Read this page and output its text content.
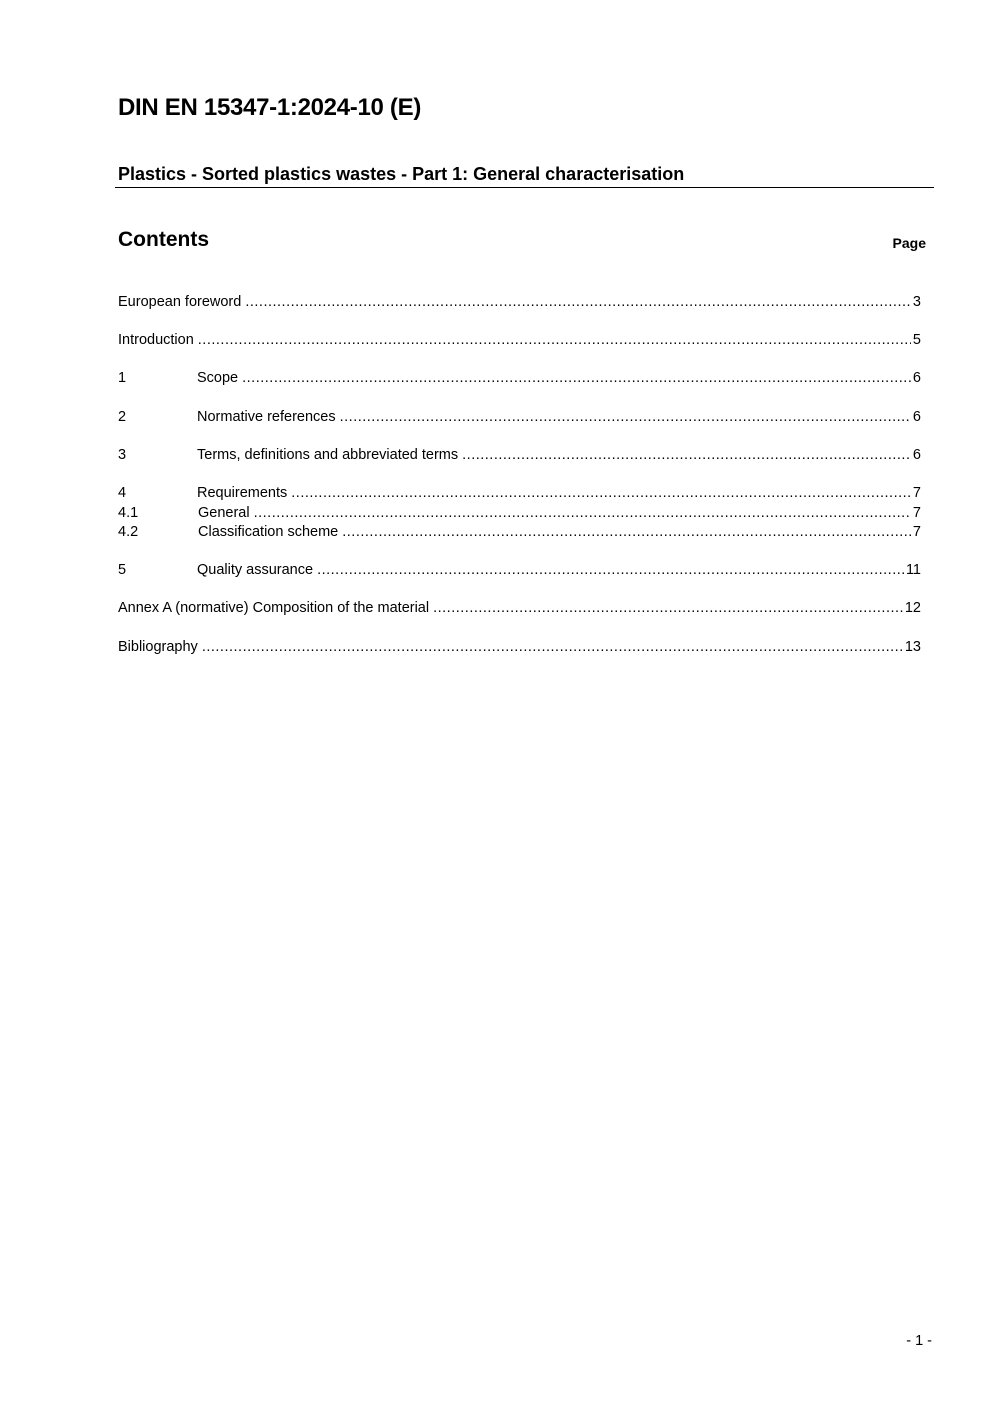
DIN EN 15347-1:2024-10 (E)
Plastics - Sorted plastics wastes - Part 1: General characterisation
Contents	Page
European foreword .....	3
Introduction .....	5
1	Scope .....	6
2	Normative references .....	6
3	Terms, definitions and abbreviated terms .....	6
4	Requirements .....	7
4.1	General .....	7
4.2	Classification scheme .....	7
5	Quality assurance .....	11
Annex A (normative) Composition of the material .....	12
Bibliography .....	13
- 1 -
